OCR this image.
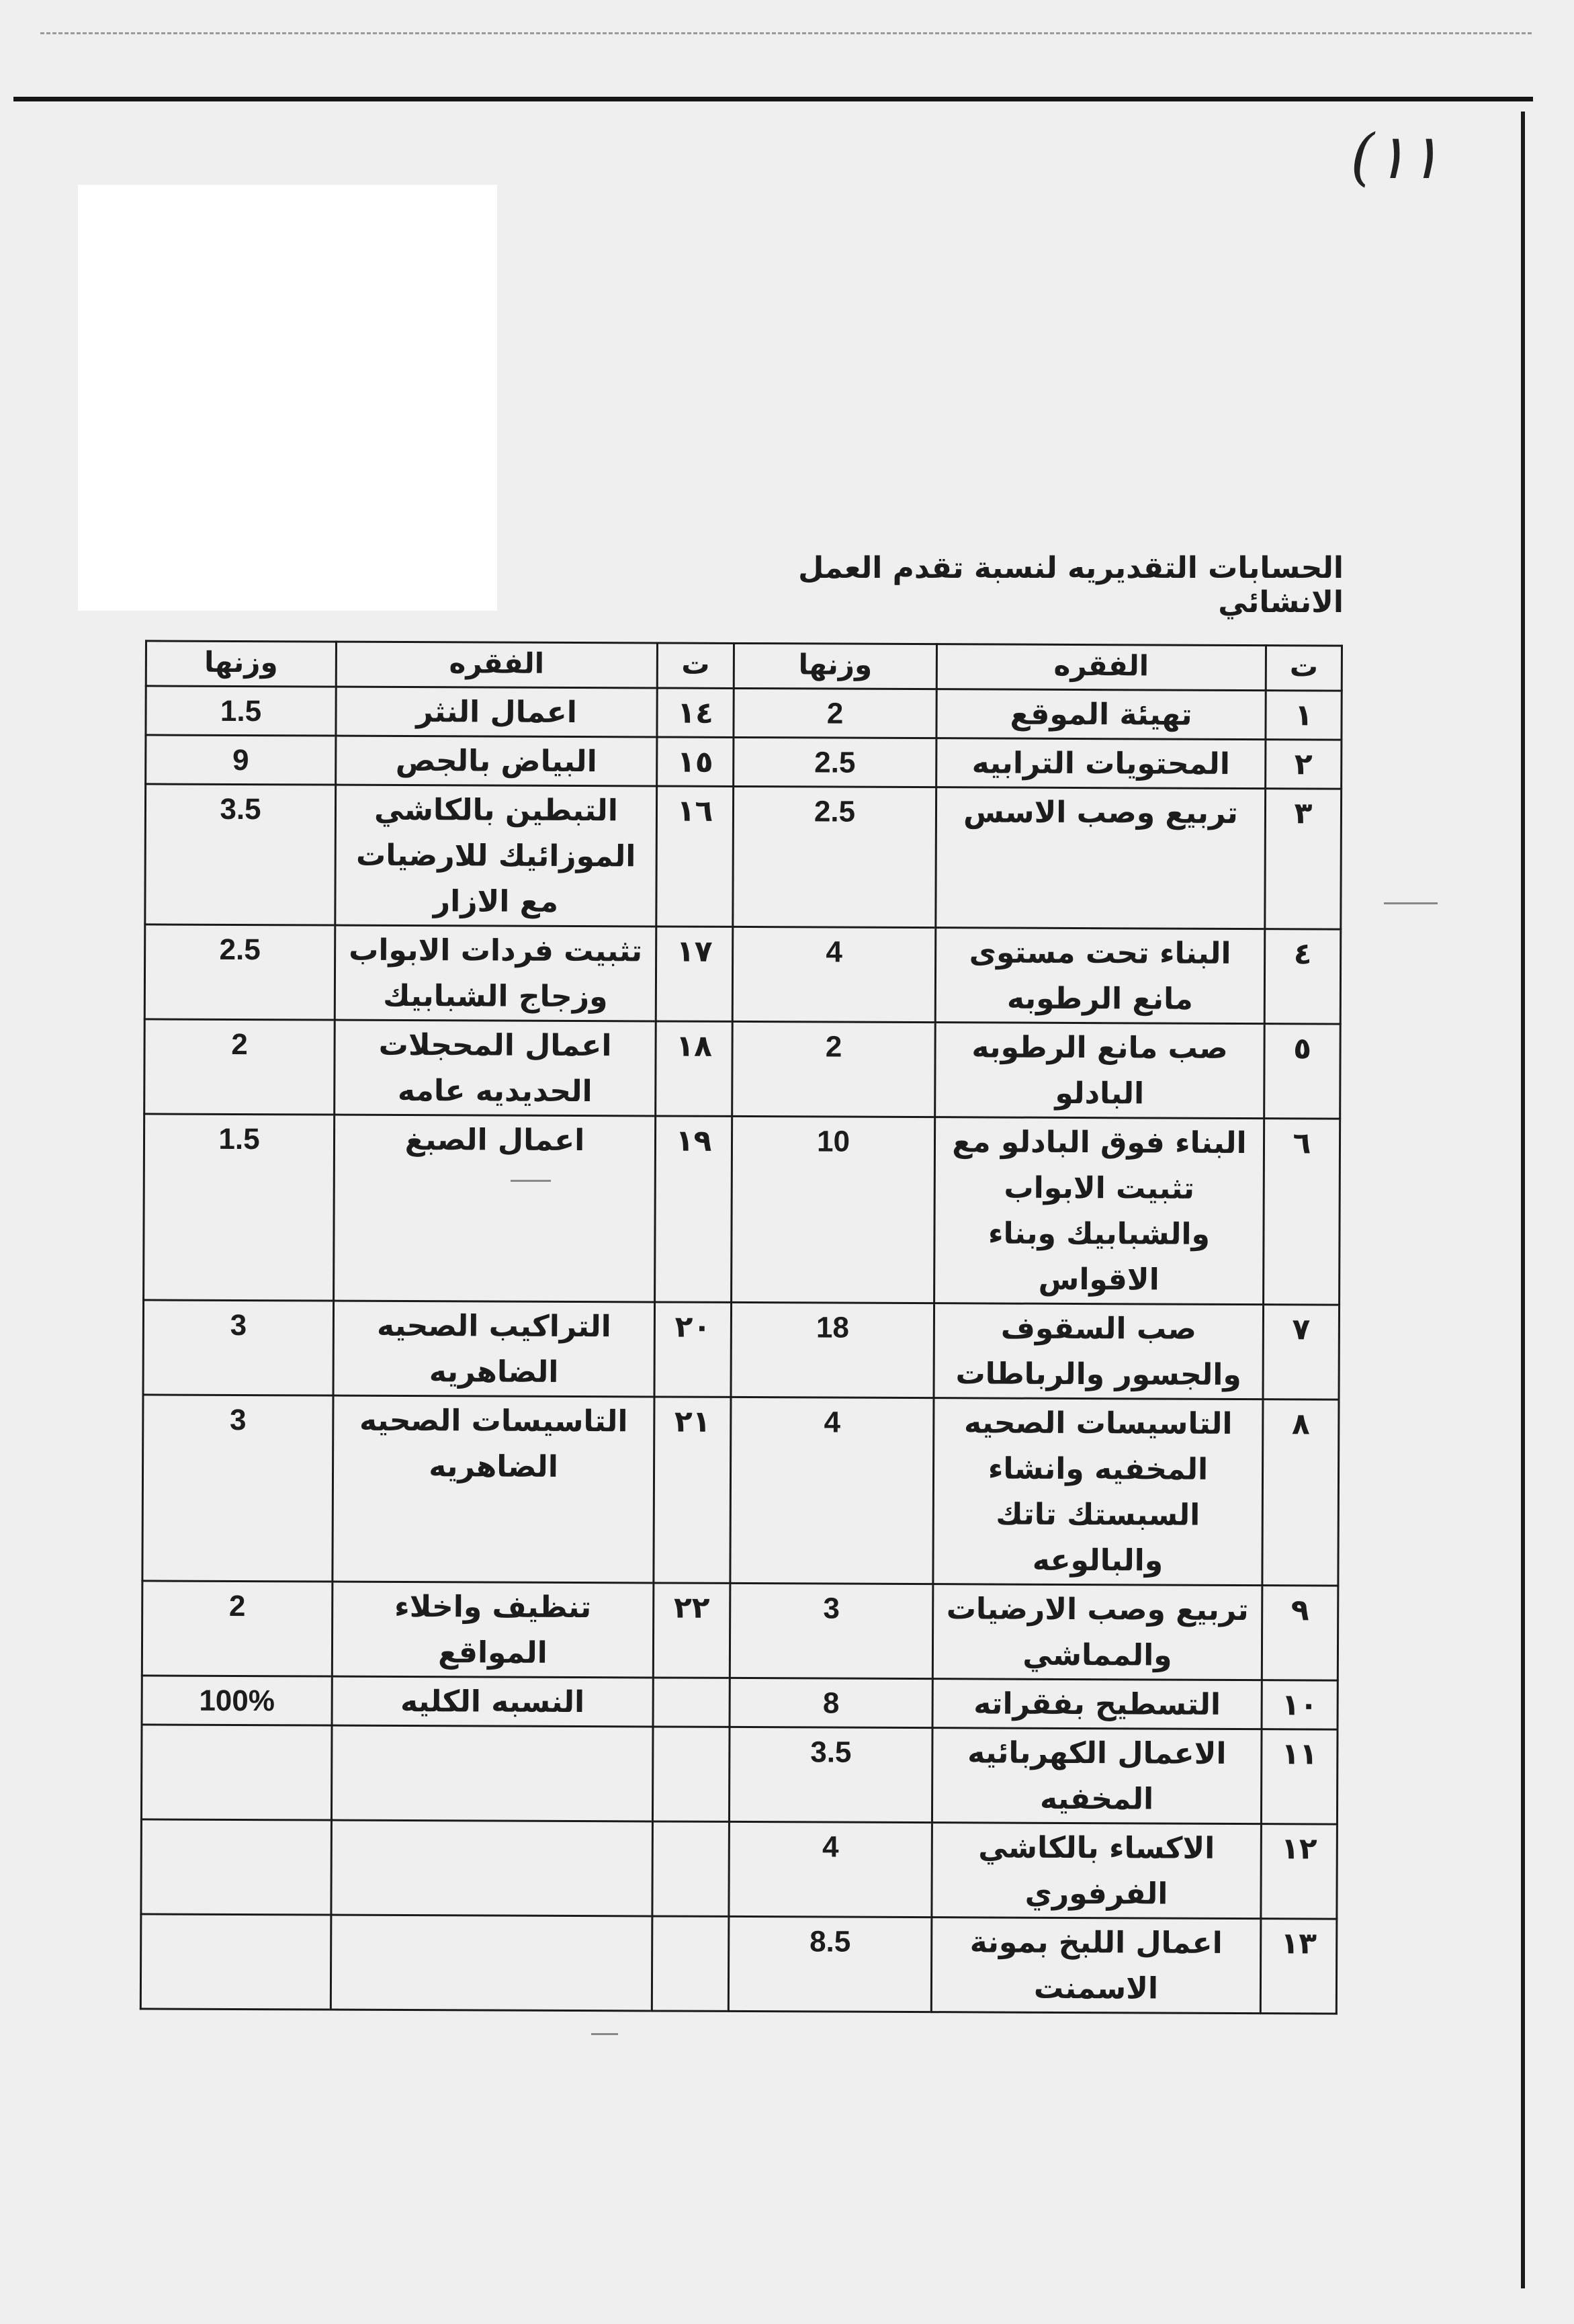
(١١
الحسابات التقديريه لنسبة تقدم العمل الانشائي
ت	الفقره	وزنها	ت	الفقره	وزنها
١	تهيئة الموقع	2	١٤	اعمال النثر	1.5
٢	المحتويات الترابيه	2.5	١٥	البياض بالجص	9
٣	تربيع وصب الاسس	2.5	١٦	التبطين بالكاشي الموزائيك للارضيات مع الازار	3.5
٤	البناء تحت مستوى مانع الرطوبه	4	١٧	تثبيت فردات الابواب وزجاج الشبابيك	2.5
٥	صب مانع الرطوبه البادلو	2	١٨	اعمال المحجلات الحديديه عامه	2
٦	البناء فوق البادلو مع تثبيت الابواب والشبابيك وبناء الاقواس	10	١٩	اعمال الصبغ	1.5
٧	صب السقوف والجسور والرباطات	18	٢٠	التراكيب الصحيه الضاهريه	3
٨	التاسيسات الصحيه المخفيه وانشاء السبستك تاتك والبالوعه	4	٢١	التاسيسات الصحيه الضاهريه	3
٩	تربيع وصب الارضيات والمماشي	3	٢٢	تنظيف واخلاء المواقع	2
١٠	التسطيح بفقراته	8		النسبه الكليه	100%
١١	الاعمال الكهربائيه المخفيه	3.5			
١٢	الاكساء بالكاشي الفرفوري	4			
١٣	اعمال اللبخ بمونة الاسمنت	8.5			
